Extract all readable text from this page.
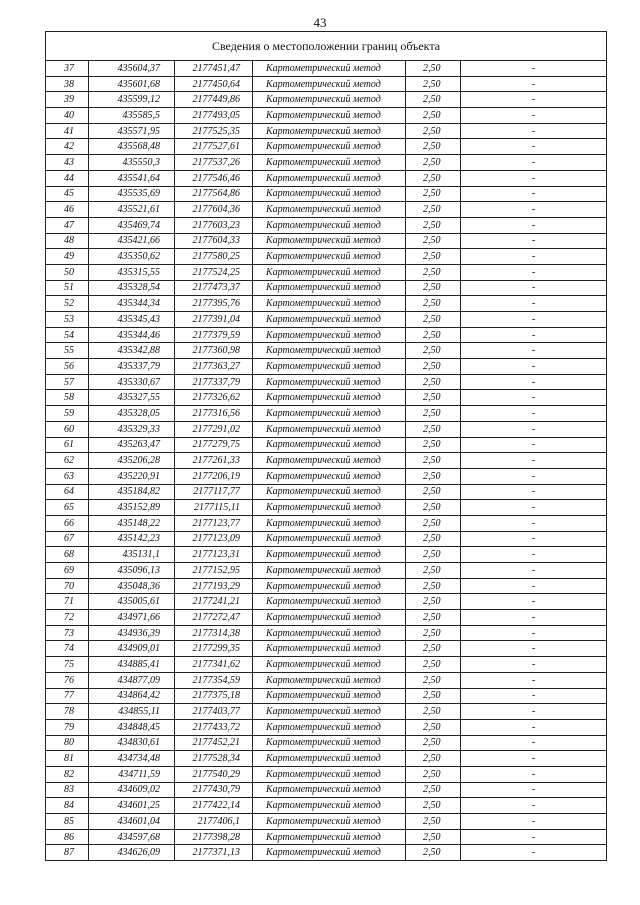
43
Сведения о местоположении границ объекта					
37	435604,37	2177451,47	Картометрический метод	2,50	-
38	435601,68	2177450,64	Картометрический метод	2,50	-
39	435599,12	2177449,86	Картометрический метод	2,50	-
40	435585,5	2177493,05	Картометрический метод	2,50	-
41	435571,95	2177525,35	Картометрический метод	2,50	-
42	435568,48	2177527,61	Картометрический метод	2,50	-
43	435550,3	2177537,26	Картометрический метод	2,50	-
44	435541,64	2177546,46	Картометрический метод	2,50	-
45	435535,69	2177564,86	Картометрический метод	2,50	-
46	435521,61	2177604,36	Картометрический метод	2,50	-
47	435469,74	2177603,23	Картометрический метод	2,50	-
48	435421,66	2177604,33	Картометрический метод	2,50	-
49	435350,62	2177580,25	Картометрический метод	2,50	-
50	435315,55	2177524,25	Картометрический метод	2,50	-
51	435328,54	2177473,37	Картометрический метод	2,50	-
52	435344,34	2177395,76	Картометрический метод	2,50	-
53	435345,43	2177391,04	Картометрический метод	2,50	-
54	435344,46	2177379,59	Картометрический метод	2,50	-
55	435342,88	2177360,98	Картометрический метод	2,50	-
56	435337,79	2177363,27	Картометрический метод	2,50	-
57	435330,67	2177337,79	Картометрический метод	2,50	-
58	435327,55	2177326,62	Картометрический метод	2,50	-
59	435328,05	2177316,56	Картометрический метод	2,50	-
60	435329,33	2177291,02	Картометрический метод	2,50	-
61	435263,47	2177279,75	Картометрический метод	2,50	-
62	435206,28	2177261,33	Картометрический метод	2,50	-
63	435220,91	2177206,19	Картометрический метод	2,50	-
64	435184,82	2177117,77	Картометрический метод	2,50	-
65	435152,89	2177115,11	Картометрический метод	2,50	-
66	435148,22	2177123,77	Картометрический метод	2,50	-
67	435142,23	2177123,09	Картометрический метод	2,50	-
68	435131,1	2177123,31	Картометрический метод	2,50	-
69	435096,13	2177152,95	Картометрический метод	2,50	-
70	435048,36	2177193,29	Картометрический метод	2,50	-
71	435005,61	2177241,21	Картометрический метод	2,50	-
72	434971,66	2177272,47	Картометрический метод	2,50	-
73	434936,39	2177314,38	Картометрический метод	2,50	-
74	434909,01	2177299,35	Картометрический метод	2,50	-
75	434885,41	2177341,62	Картометрический метод	2,50	-
76	434877,09	2177354,59	Картометрический метод	2,50	-
77	434864,42	2177375,18	Картометрический метод	2,50	-
78	434855,11	2177403,77	Картометрический метод	2,50	-
79	434848,45	2177433,72	Картометрический метод	2,50	-
80	434830,61	2177452,21	Картометрический метод	2,50	-
81	434734,48	2177528,34	Картометрический метод	2,50	-
82	434711,59	2177540,29	Картометрический метод	2,50	-
83	434609,02	2177430,79	Картометрический метод	2,50	-
84	434601,25	2177422,14	Картометрический метод	2,50	-
85	434601,04	2177406,1	Картометрический метод	2,50	-
86	434597,68	2177398,28	Картометрический метод	2,50	-
87	434626,09	2177371,13	Картометрический метод	2,50	-
